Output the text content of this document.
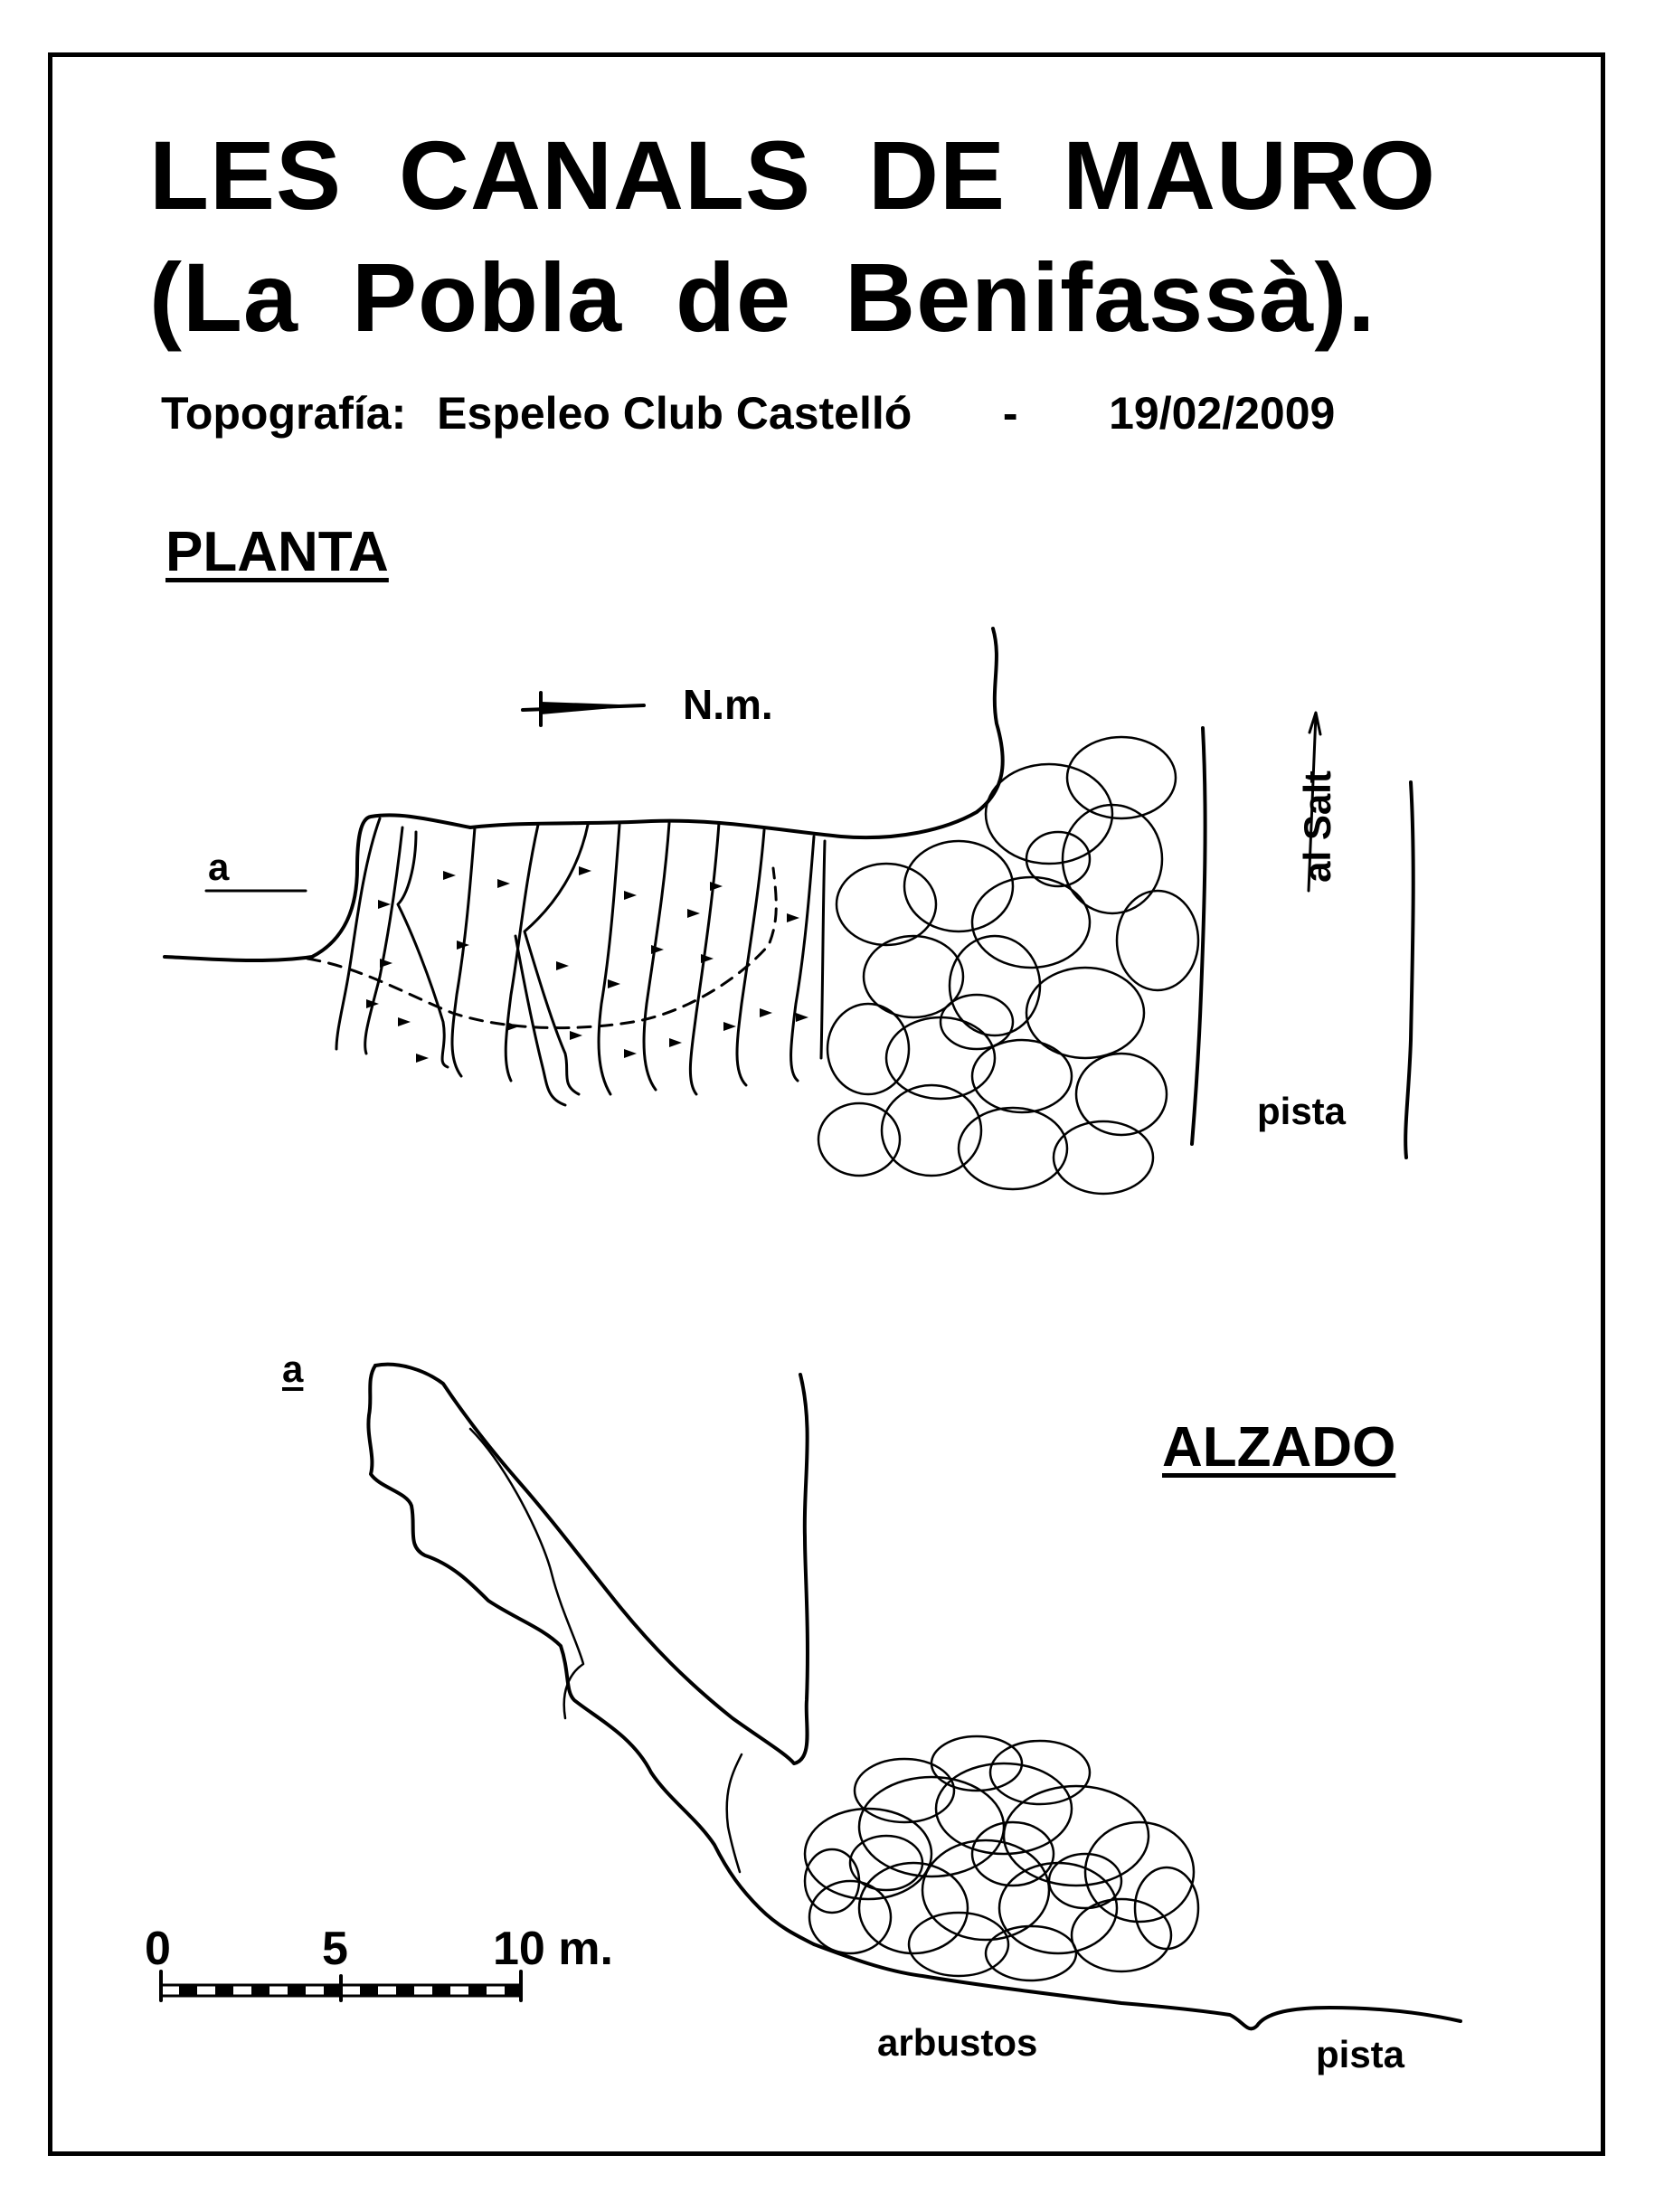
LES CANALS DE MAURO
(La Pobla de Benifassà).
Topografía: Espeleo Club Castelló - 19/02/2009
PLANTA
ALZADO
N.m.
a	al Salt
pista
a
arbustos	pista
0	5	10 m.
